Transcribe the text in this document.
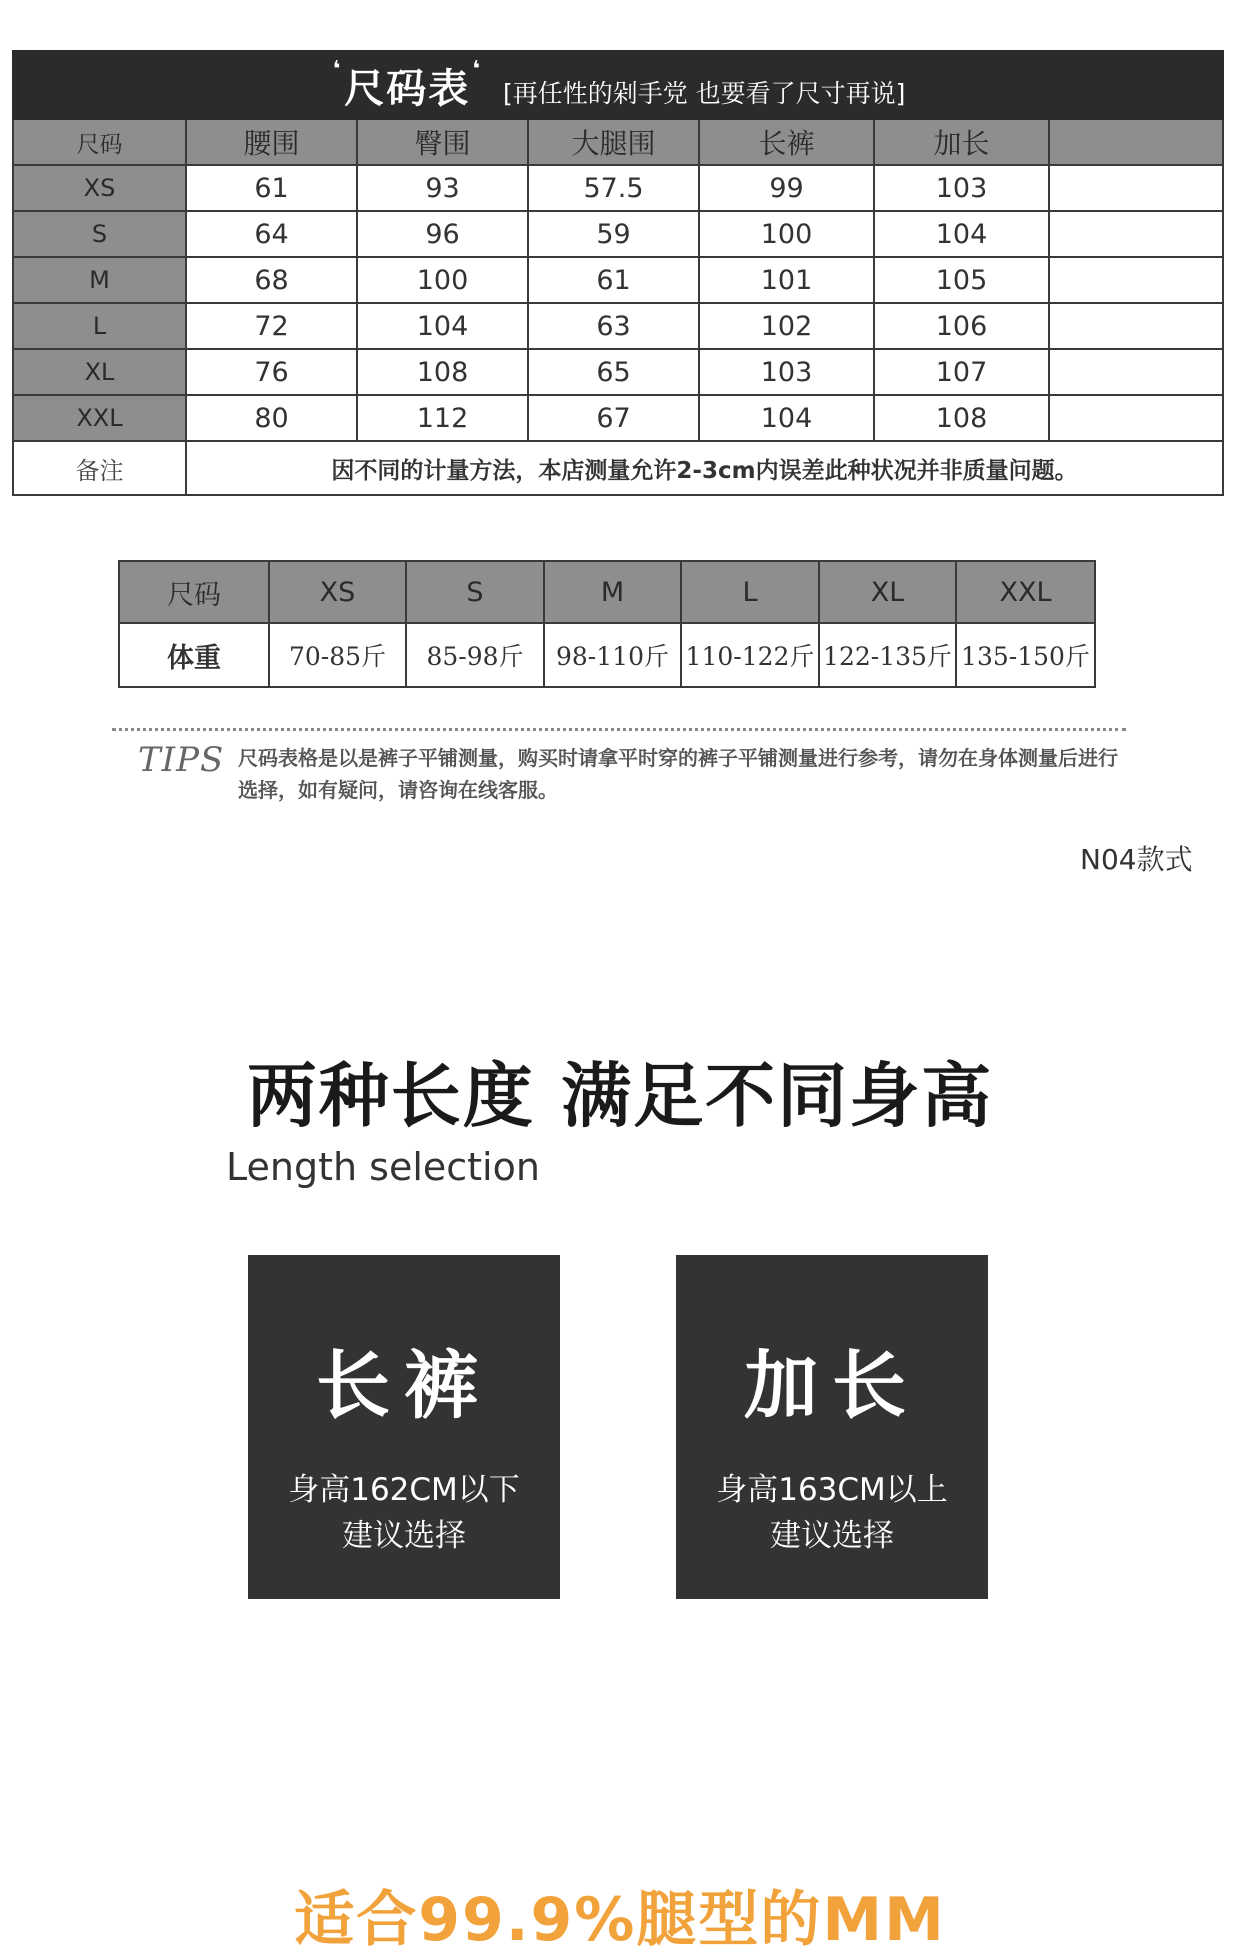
❛ 尺码表 ❛ [再任性的剁手党 也要看了尺寸再说]
尺码	腰围	臀围	大腿围	长裤	加长	
XS	61	93	57.5	99	103	
S	64	96	59	100	104	
M	68	100	61	101	105	
L	72	104	63	102	106	
XL	76	108	65	103	107	
XXL	80	112	67	104	108	
备注	因不同的计量方法，本店测量允许2-3cm内误差此种状况并非质量问题。					
尺码	XS	S	M	L	XL	XXL
体重	70-85斤	85-98斤	98-110斤	110-122斤	122-135斤	135-150斤
TIPS 尺码表格是以是裤子平铺测量，购买时请拿平时穿的裤子平铺测量进行参考，请勿在身体测量后进行选择，如有疑问，请咨询在线客服。
N04款式
两种长度 满足不同身高
Length selection
长裤
身高162CM以下
建议选择
加长
身高163CM以上
建议选择
适合99.9%腿型的MM
